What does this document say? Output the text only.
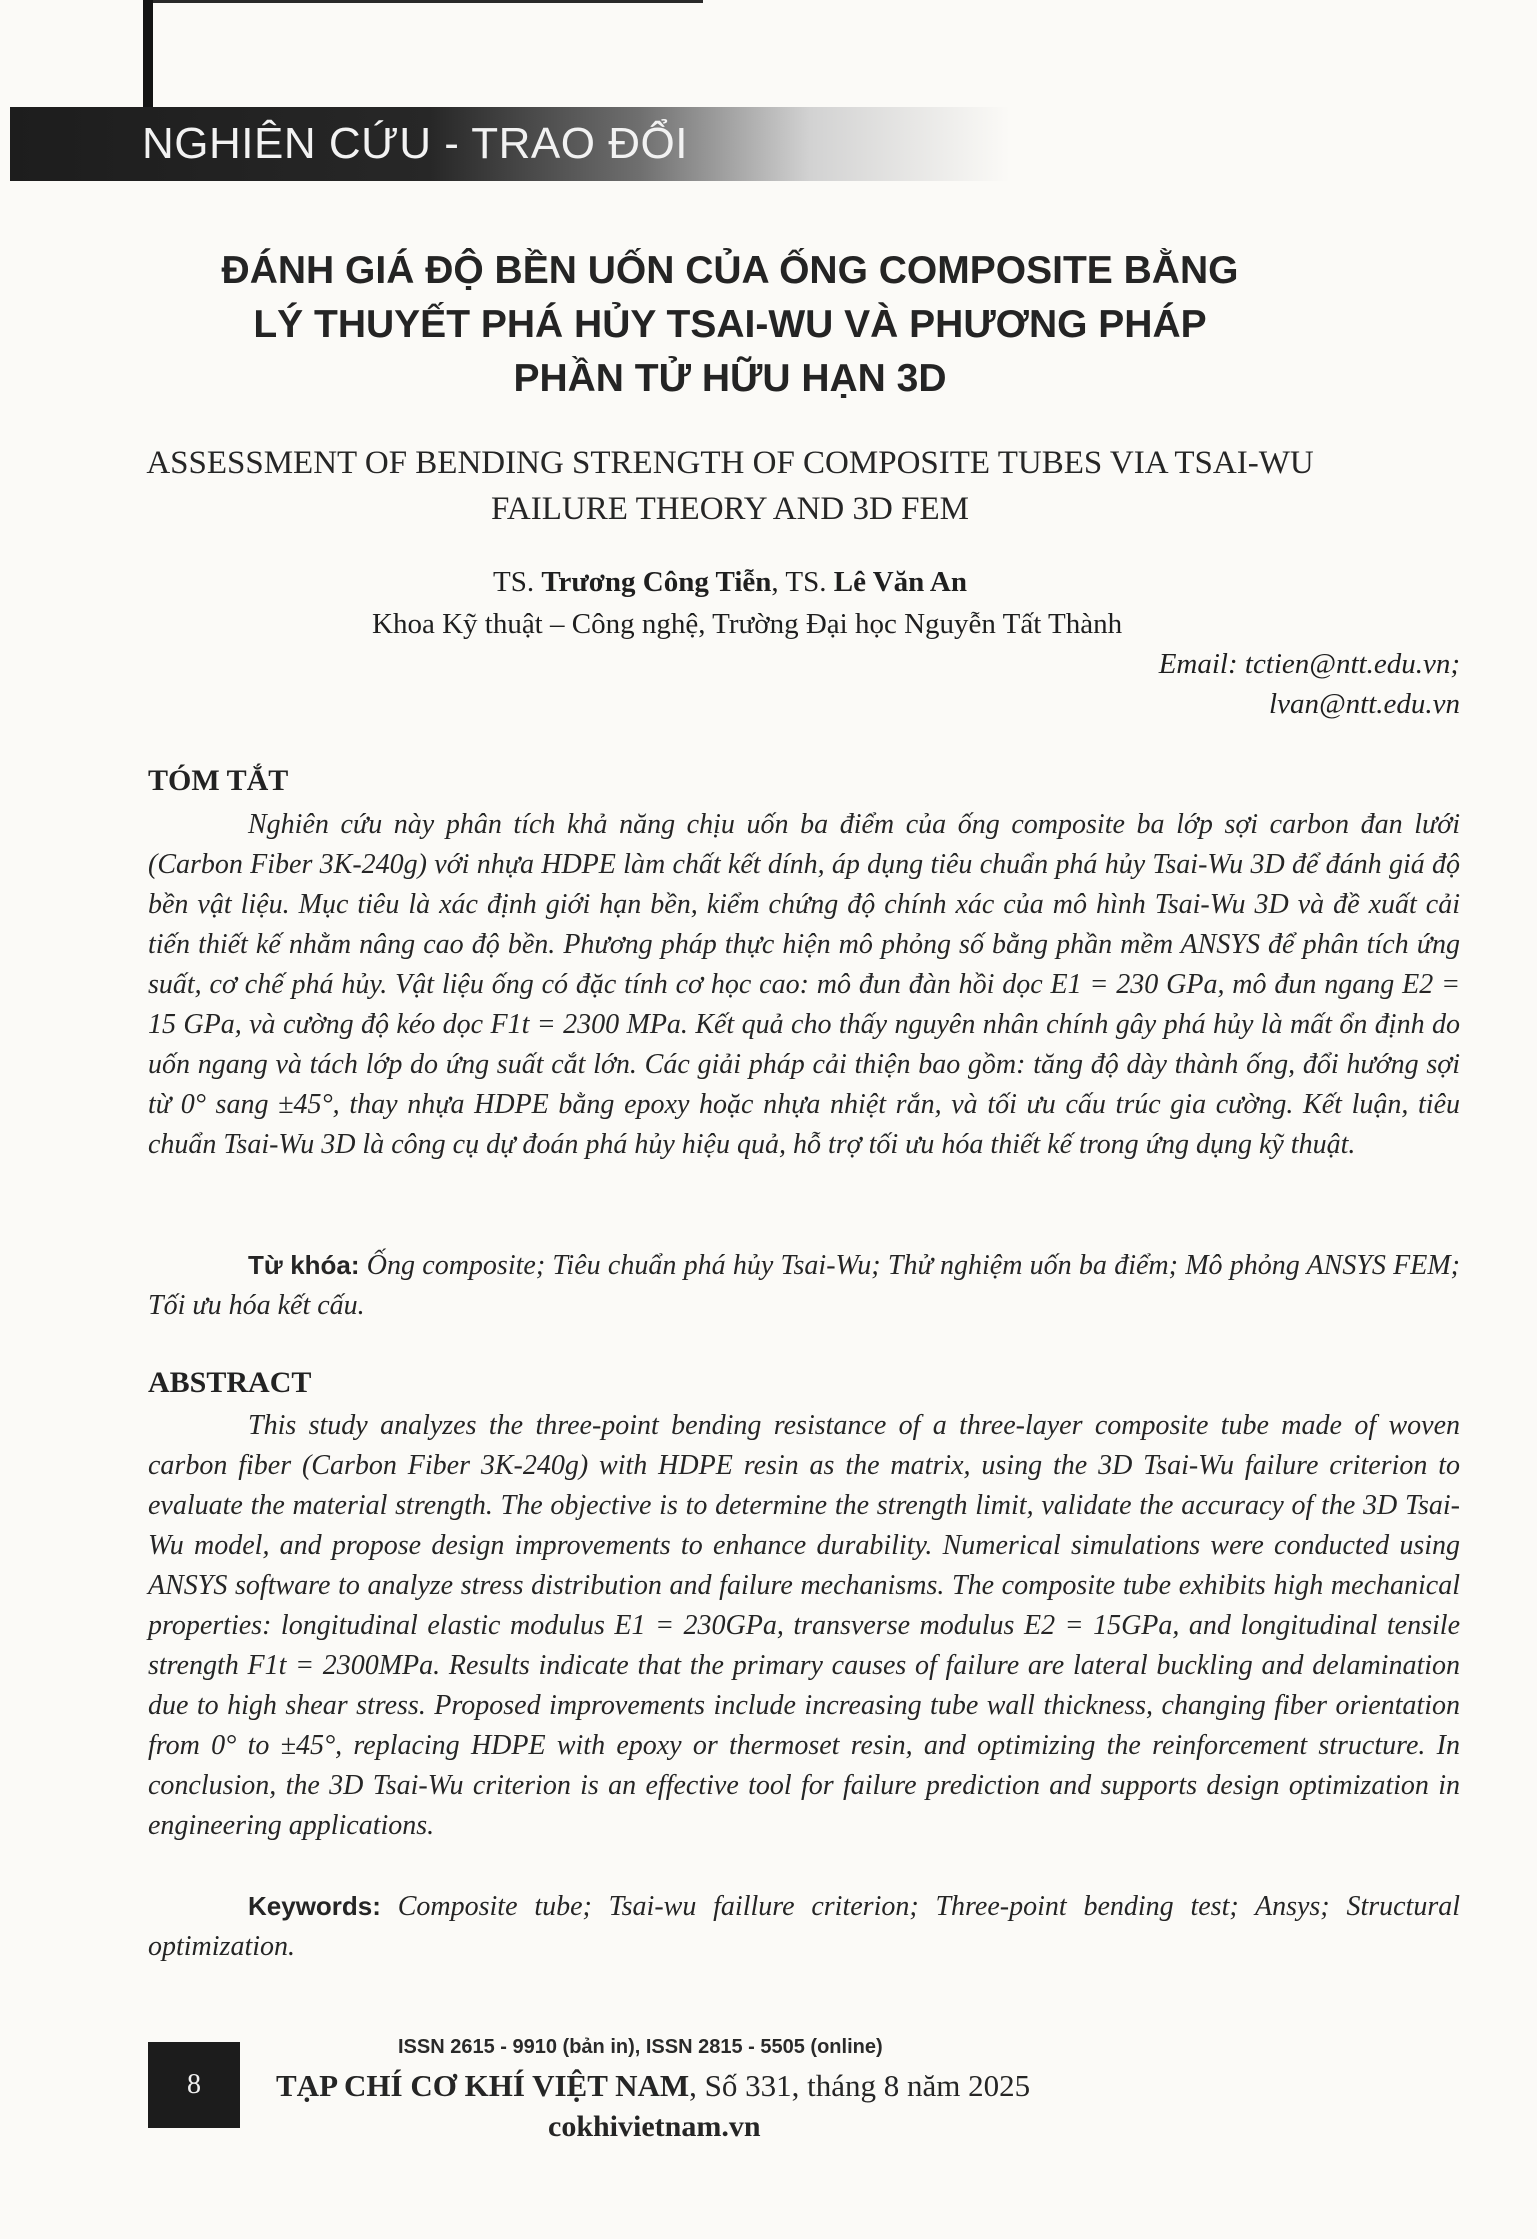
NGHIÊN CỨU - TRAO ĐỔI
ĐÁNH GIÁ ĐỘ BỀN UỐN CỦA ỐNG COMPOSITE BẰNG
LÝ THUYẾT PHÁ HỦY TSAI-WU VÀ PHƯƠNG PHÁP
PHẦN TỬ HỮU HẠN 3D
ASSESSMENT OF BENDING STRENGTH OF COMPOSITE TUBES VIA TSAI-WU
FAILURE THEORY AND 3D FEM
TS. Trương Công Tiễn, TS. Lê Văn An
Khoa Kỹ thuật – Công nghệ, Trường Đại học Nguyễn Tất Thành
Email: tctien@ntt.edu.vn;
lvan@ntt.edu.vn
TÓM TẮT

Nghiên cứu này phân tích khả năng chịu uốn ba điểm của ống composite ba lớp sợi carbon đan lưới (Carbon Fiber 3K-240g) với nhựa HDPE làm chất kết dính, áp dụng tiêu chuẩn phá hủy Tsai-Wu 3D để đánh giá độ bền vật liệu. Mục tiêu là xác định giới hạn bền, kiểm chứng độ chính xác của mô hình Tsai-Wu 3D và đề xuất cải tiến thiết kế nhằm nâng cao độ bền. Phương pháp thực hiện mô phỏng số bằng phần mềm ANSYS để phân tích ứng suất, cơ chế phá hủy. Vật liệu ống có đặc tính cơ học cao: mô đun đàn hồi dọc E1 = 230 GPa, mô đun ngang E2 = 15 GPa, và cường độ kéo dọc F1t = 2300 MPa. Kết quả cho thấy nguyên nhân chính gây phá hủy là mất ổn định do uốn ngang và tách lớp do ứng suất cắt lớn. Các giải pháp cải thiện bao gồm: tăng độ dày thành ống, đổi hướng sợi từ 0° sang ±45°, thay nhựa HDPE bằng epoxy hoặc nhựa nhiệt rắn, và tối ưu cấu trúc gia cường. Kết luận, tiêu chuẩn Tsai-Wu 3D là công cụ dự đoán phá hủy hiệu quả, hỗ trợ tối ưu hóa thiết kế trong ứng dụng kỹ thuật.

Từ khóa: Ống composite; Tiêu chuẩn phá hủy Tsai-Wu; Thử nghiệm uốn ba điểm; Mô phỏng ANSYS FEM; Tối ưu hóa kết cấu.

ABSTRACT

This study analyzes the three-point bending resistance of a three-layer composite tube made of woven carbon fiber (Carbon Fiber 3K-240g) with HDPE resin as the matrix, using the 3D Tsai-Wu failure criterion to evaluate the material strength. The objective is to determine the strength limit, validate the accuracy of the 3D Tsai-Wu model, and propose design improvements to enhance durability. Numerical simulations were conducted using ANSYS software to analyze stress distribution and failure mechanisms. The composite tube exhibits high mechanical properties: longitudinal elastic modulus E1 = 230GPa, transverse modulus E2 = 15GPa, and longitudinal tensile strength F1t = 2300MPa. Results indicate that the primary causes of failure are lateral buckling and delamination due to high shear stress. Proposed improvements include increasing tube wall thickness, changing fiber orientation from 0° to ±45°, replacing HDPE with epoxy or thermoset resin, and optimizing the reinforcement structure. In conclusion, the 3D Tsai-Wu criterion is an effective tool for failure prediction and supports design optimization in engineering applications.

Keywords: Composite tube; Tsai-wu faillure criterion; Three-point bending test; Ansys; Structural optimization.

8
ISSN 2615 - 9910 (bản in), ISSN 2815 - 5505 (online)
TẠP CHÍ CƠ KHÍ VIỆT NAM, Số 331, tháng 8 năm 2025
cokhivietnam.vn
